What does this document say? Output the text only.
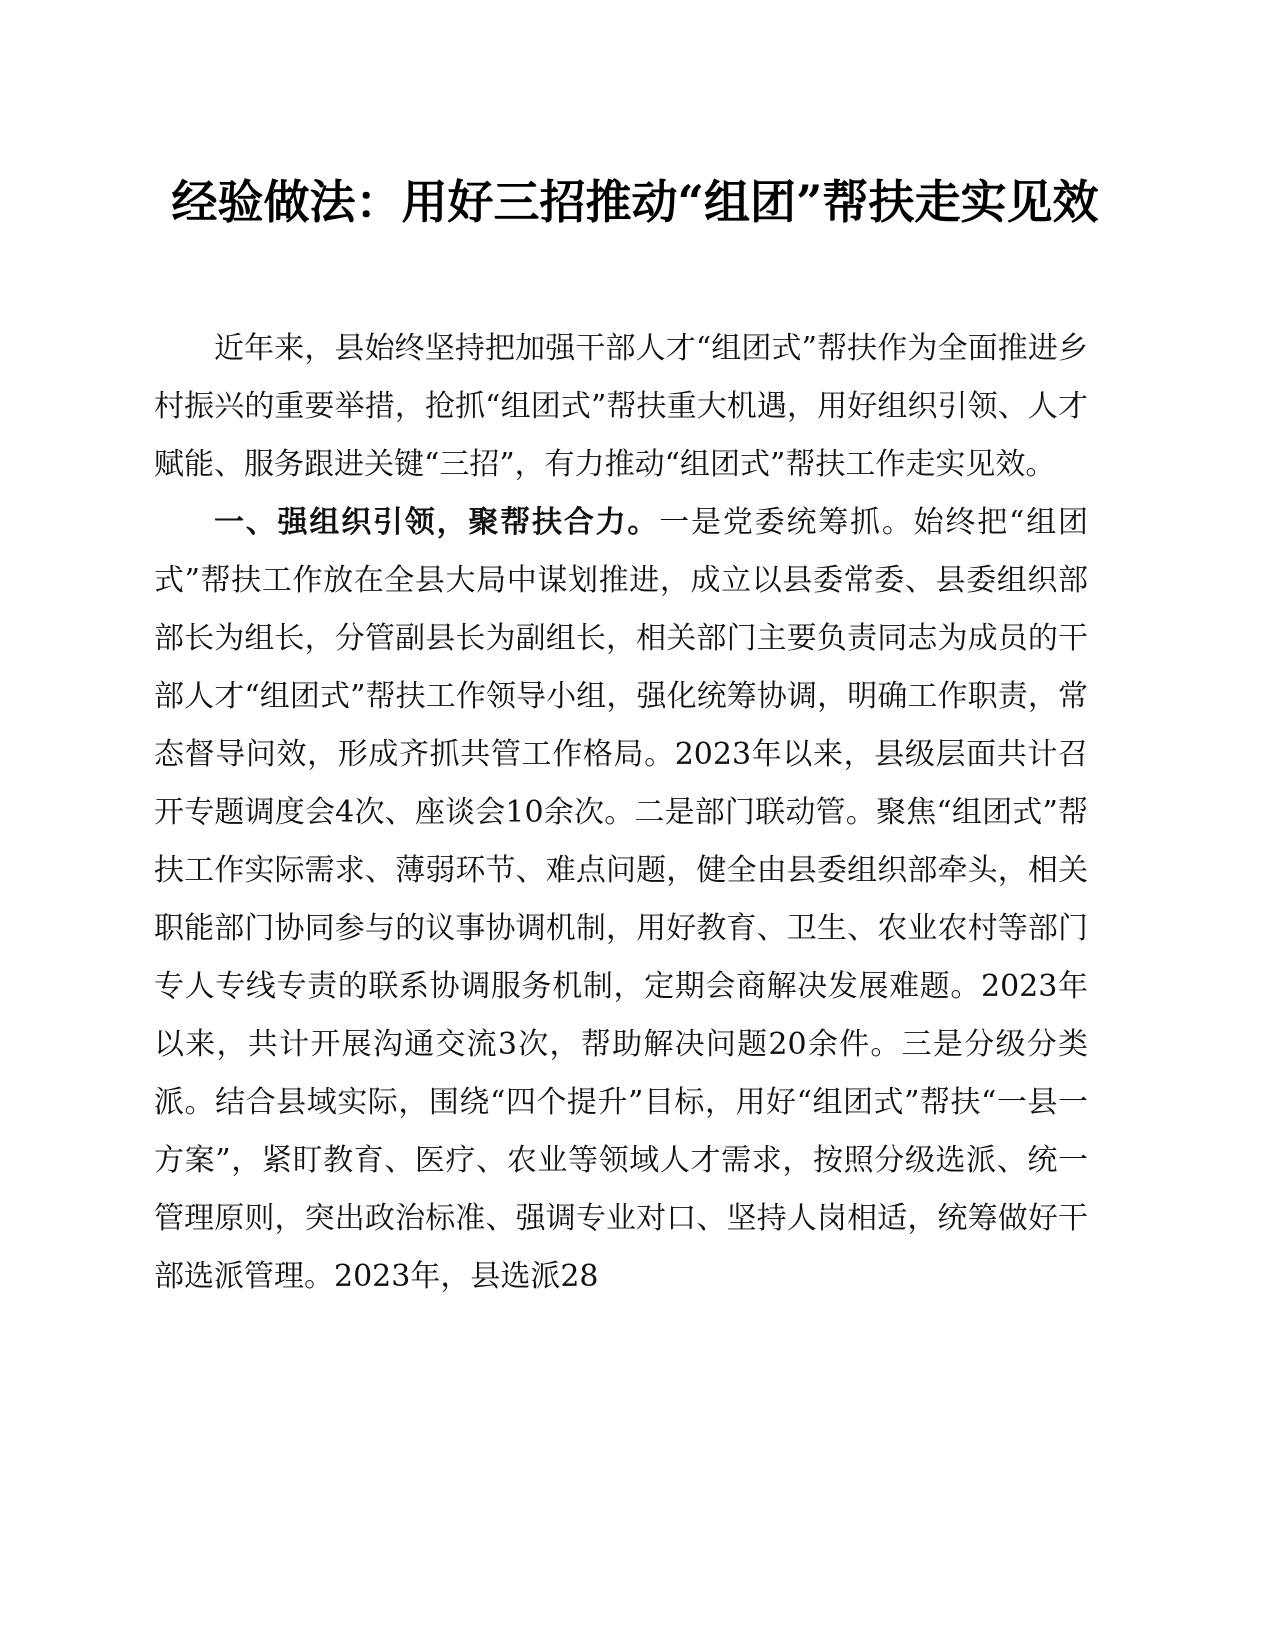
经验做法：用好三招推动“组团”帮扶走实见效

近年来，县始终坚持把加强干部人才“组团式”帮扶作为全面推进乡村振兴的重要举措，抢抓“组团式”帮扶重大机遇，用好组织引领、人才赋能、服务跟进关键“三招”，有力推动“组团式”帮扶工作走实见效。

一、强组织引领，聚帮扶合力。一是党委统筹抓。始终把“组团式”帮扶工作放在全县大局中谋划推进，成立以县委常委、县委组织部部长为组长，分管副县长为副组长，相关部门主要负责同志为成员的干部人才“组团式”帮扶工作领导小组，强化统筹协调，明确工作职责，常态督导问效，形成齐抓共管工作格局。2023年以来，县级层面共计召开专题调度会4次、座谈会10余次。二是部门联动管。聚焦“组团式”帮扶工作实际需求、薄弱环节、难点问题，健全由县委组织部牵头，相关职能部门协同参与的议事协调机制，用好教育、卫生、农业农村等部门专人专线专责的联系协调服务机制，定期会商解决发展难题。2023年以来，共计开展沟通交流3次，帮助解决问题20余件。三是分级分类派。结合县域实际，围绕“四个提升”目标，用好“组团式”帮扶“一县一方案”，紧盯教育、医疗、农业等领域人才需求，按照分级选派、统一管理原则，突出政治标准、强调专业对口、坚持人岗相适，统筹做好干部选派管理。2023年，县选派28
